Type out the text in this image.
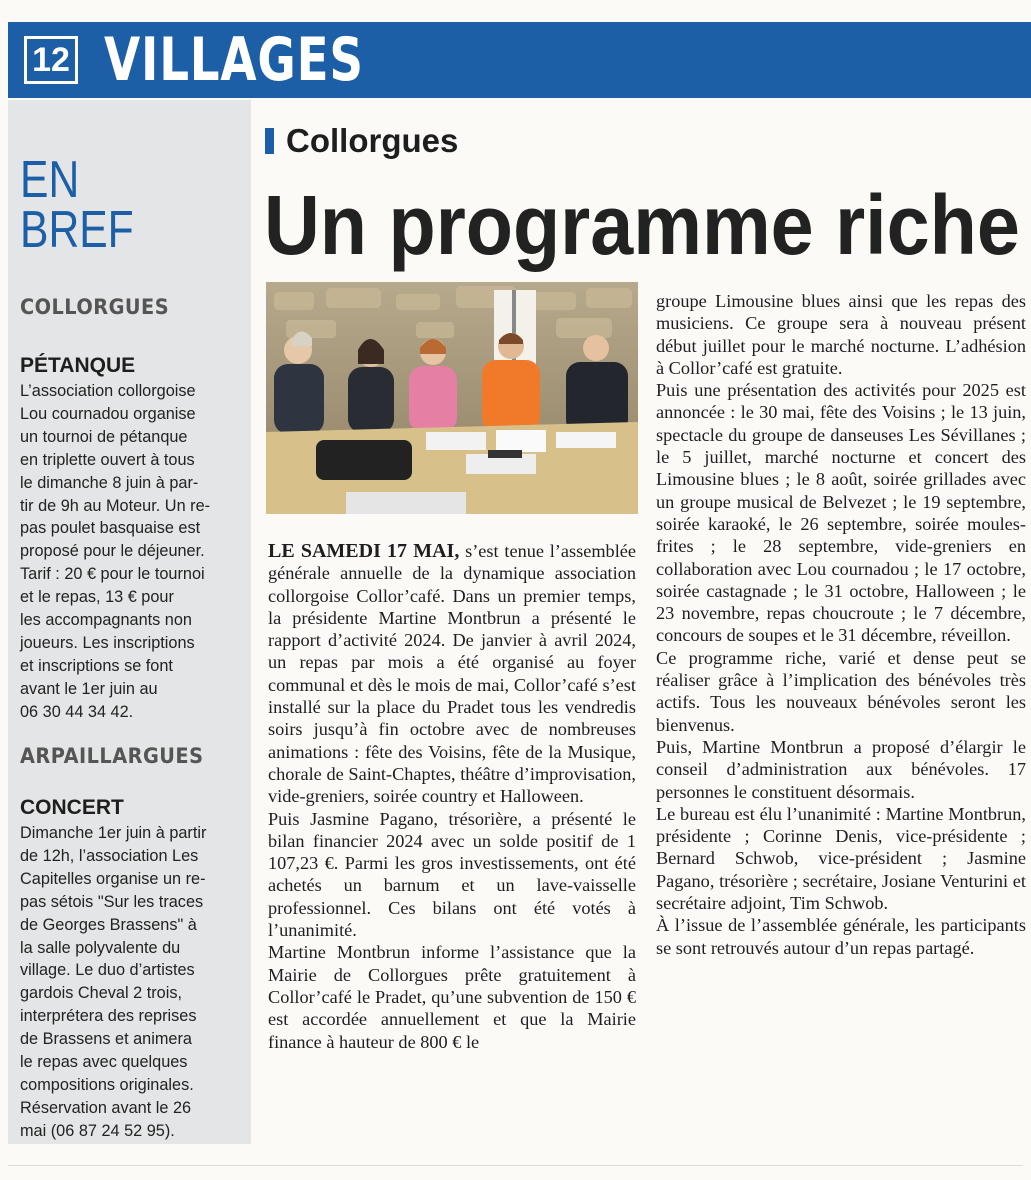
12 VILLAGES
EN
BREF
COLLORGUES
PÉTANQUE

L’association collorgoise

Lou cournadou organise

un tournoi de pétanque

en triplette ouvert à tous

le dimanche 8 juin à par-

tir de 9h au Moteur. Un re-

pas poulet basquaise est

proposé pour le déjeuner.

Tarif : 20 € pour le tournoi

et le repas, 13 € pour

les accompagnants non

joueurs. Les inscriptions

et inscriptions se font

avant le 1er juin au

06 30 44 34 42.

ARPAILLARGUES
CONCERT

Dimanche 1er juin à partir

de 12h, l’association Les

Capitelles organise un re-

pas sétois "Sur les traces

de Georges Brassens" à

la salle polyvalente du

village. Le duo d’artistes

gardois Cheval 2 trois,

interprétera des reprises

de Brassens et animera

le repas avec quelques

compositions originales.

Réservation avant le 26

mai (06 87 24 52 95).

Collorgues
Un programme riche

LE SAMEDI 17 MAI, s’est tenue l’assemblée générale annuelle de la dynamique association collorgoise Collor’café. Dans un premier temps, la présidente Martine Montbrun a présenté le rapport d’activité 2024. De janvier à avril 2024, un repas par mois a été organisé au foyer communal et dès le mois de mai, Collor’café s’est installé sur la place du Pradet tous les vendredis soirs jusqu’à fin octobre avec de nombreuses animations : fête des Voisins, fête de la Musique, chorale de Saint-Chaptes, théâtre d’improvisation, vide-greniers, soirée country et Halloween.

Puis Jasmine Pagano, trésorière, a présenté le bilan financier 2024 avec un solde positif de 1 107,23 €. Parmi les gros investissements, ont été achetés un barnum et un lave-vaisselle professionnel. Ces bilans ont été votés à l’unanimité.

Martine Montbrun informe l’assistance que la Mairie de Collorgues prête gratuitement à Collor’café le Pradet, qu’une subvention de 150 € est accordée annuellement et que la Mairie finance à hauteur de 800 € le

groupe Limousine blues ainsi que les repas des musiciens. Ce groupe sera à nouveau présent début juillet pour le marché nocturne. L’adhésion à Collor’café est gratuite.

Puis une présentation des activités pour 2025 est annoncée : le 30 mai, fête des Voisins ; le 13 juin, spectacle du groupe de danseuses Les Sévillanes ; le 5 juillet, marché nocturne et concert des Limousine blues ; le 8 août, soirée grillades avec un groupe musical de Belvezet ; le 19 septembre, soirée karaoké, le 26 septembre, soirée moules-frites ; le 28 septembre, vide-greniers en collaboration avec Lou cournadou ; le 17 octobre, soirée castagnade ; le 31 octobre, Halloween ; le 23 novembre, repas choucroute ; le 7 décembre, concours de soupes et le 31 décembre, réveillon.

Ce programme riche, varié et dense peut se réaliser grâce à l’implication des bénévoles très actifs. Tous les nouveaux bénévoles seront les bienvenus.

Puis, Martine Montbrun a proposé d’élargir le conseil d’administration aux bénévoles. 17 personnes le constituent désormais.

Le bureau est élu l’unanimité : Martine Montbrun, présidente ; Corinne Denis, vice-présidente ; Bernard Schwob, vice-président ; Jasmine Pagano, trésorière ; secrétaire, Josiane Venturini et secrétaire adjoint, Tim Schwob.

À l’issue de l’assemblée générale, les participants se sont retrouvés autour d’un repas partagé.
